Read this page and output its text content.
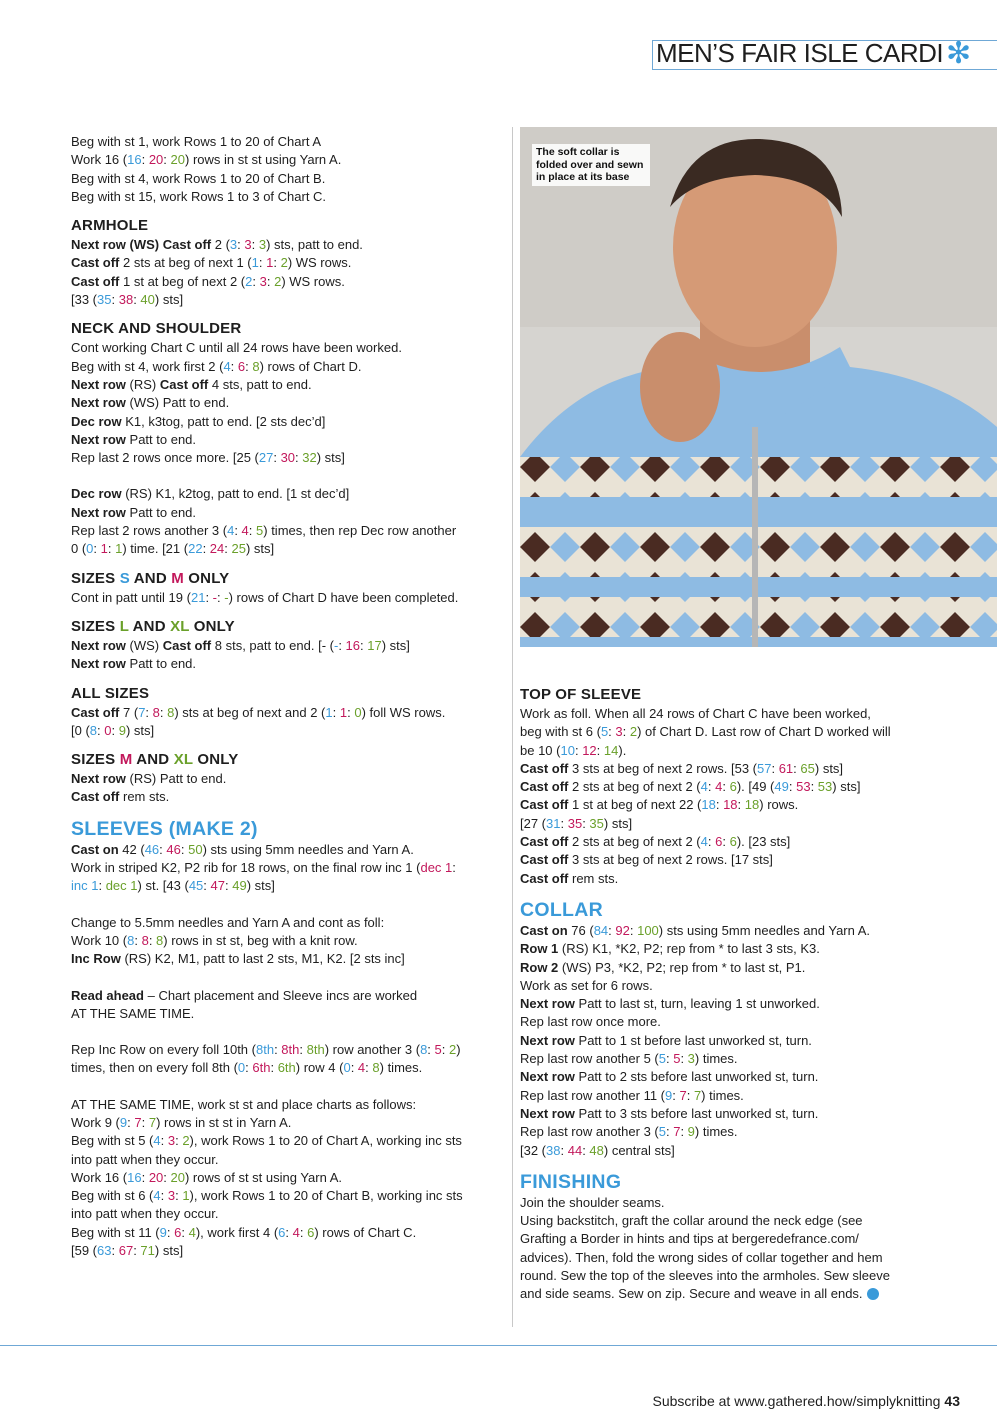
MEN’S FAIR ISLE CARDI ✻
The soft collar is folded over and sewn in place at its base
Beg with st 1, work Rows 1 to 20 of Chart A
Work 16 (16: 20: 20) rows in st st using Yarn A.
Beg with st 4, work Rows 1 to 20 of Chart B.
Beg with st 15, work Rows 1 to 3 of Chart C.
ARMHOLE
Next row (WS) Cast off 2 (3: 3: 3) sts, patt to end.
Cast off 2 sts at beg of next 1 (1: 1: 2) WS rows.
Cast off 1 st at beg of next 2 (2: 3: 2) WS rows.
[33 (35: 38: 40) sts]
NECK AND SHOULDER
Cont working Chart C until all 24 rows have been worked.
Beg with st 4, work first 2 (4: 6: 8) rows of Chart D.
Next row (RS) Cast off 4 sts, patt to end.
Next row (WS) Patt to end.
Dec row K1, k3tog, patt to end. [2 sts dec’d]
Next row Patt to end.
Rep last 2 rows once more. [25 (27: 30: 32) sts]
Dec row (RS) K1, k2tog, patt to end. [1 st dec’d]
Next row Patt to end.
Rep last 2 rows another 3 (4: 4: 5) times, then rep Dec row another
0 (0: 1: 1) time. [21 (22: 24: 25) sts]
SIZES S AND M ONLY
Cont in patt until 19 (21: -: -) rows of Chart D have been completed.
SIZES L AND XL ONLY
Next row (WS) Cast off 8 sts, patt to end. [- (-: 16: 17) sts]
Next row Patt to end.
ALL SIZES
Cast off 7 (7: 8: 8) sts at beg of next and 2 (1: 1: 0) foll WS rows.
[0 (8: 0: 9) sts]
SIZES M AND XL ONLY
Next row (RS) Patt to end.
Cast off rem sts.
SLEEVES (MAKE 2)
Cast on 42 (46: 46: 50) sts using 5mm needles and Yarn A.
Work in striped K2, P2 rib for 18 rows, on the final row inc 1 (dec 1:
inc 1: dec 1) st. [43 (45: 47: 49) sts]
Change to 5.5mm needles and Yarn A and cont as foll:
Work 10 (8: 8: 8) rows in st st, beg with a knit row.
Inc Row (RS) K2, M1, patt to last 2 sts, M1, K2. [2 sts inc]
Read ahead – Chart placement and Sleeve incs are worked
AT THE SAME TIME.
Rep Inc Row on every foll 10th (8th: 8th: 8th) row another 3 (8: 5: 2)
times, then on every foll 8th (0: 6th: 6th) row 4 (0: 4: 8) times.
AT THE SAME TIME, work st st and place charts as follows:
Work 9 (9: 7: 7) rows in st st in Yarn A.
Beg with st 5 (4: 3: 2), work Rows 1 to 20 of Chart A, working inc sts
into patt when they occur.
Work 16 (16: 20: 20) rows of st st using Yarn A.
Beg with st 6 (4: 3: 1), work Rows 1 to 20 of Chart B, working inc sts
into patt when they occur.
Beg with st 11 (9: 6: 4), work first 4 (6: 4: 6) rows of Chart C.
[59 (63: 67: 71) sts]
TOP OF SLEEVE
Work as foll. When all 24 rows of Chart C have been worked,
beg with st 6 (5: 3: 2) of Chart D. Last row of Chart D worked will
be 10 (10: 12: 14).
Cast off 3 sts at beg of next 2 rows. [53 (57: 61: 65) sts]
Cast off 2 sts at beg of next 2 (4: 4: 6). [49 (49: 53: 53) sts]
Cast off 1 st at beg of next 22 (18: 18: 18) rows.
[27 (31: 35: 35) sts]
Cast off 2 sts at beg of next 2 (4: 6: 6). [23 sts]
Cast off 3 sts at beg of next 2 rows. [17 sts]
Cast off rem sts.
COLLAR
Cast on 76 (84: 92: 100) sts using 5mm needles and Yarn A.
Row 1 (RS) K1, *K2, P2; rep from * to last 3 sts, K3.
Row 2 (WS) P3, *K2, P2; rep from * to last st, P1.
Work as set for 6 rows.
Next row Patt to last st, turn, leaving 1 st unworked.
Rep last row once more.
Next row Patt to 1 st before last unworked st, turn.
Rep last row another 5 (5: 5: 3) times.
Next row Patt to 2 sts before last unworked st, turn.
Rep last row another 11 (9: 7: 7) times.
Next row Patt to 3 sts before last unworked st, turn.
Rep last row another 3 (5: 7: 9) times.
[32 (38: 44: 48) central sts]
FINISHING
Join the shoulder seams.
Using backstitch, graft the collar around the neck edge (see
Grafting a Border in hints and tips at bergeredefrance.com/
advices). Then, fold the wrong sides of collar together and hem
round. Sew the top of the sleeves into the armholes. Sew sleeve
and side seams. Sew on zip. Secure and weave in all ends.
Subscribe at www.gathered.how/simplyknitting 43
